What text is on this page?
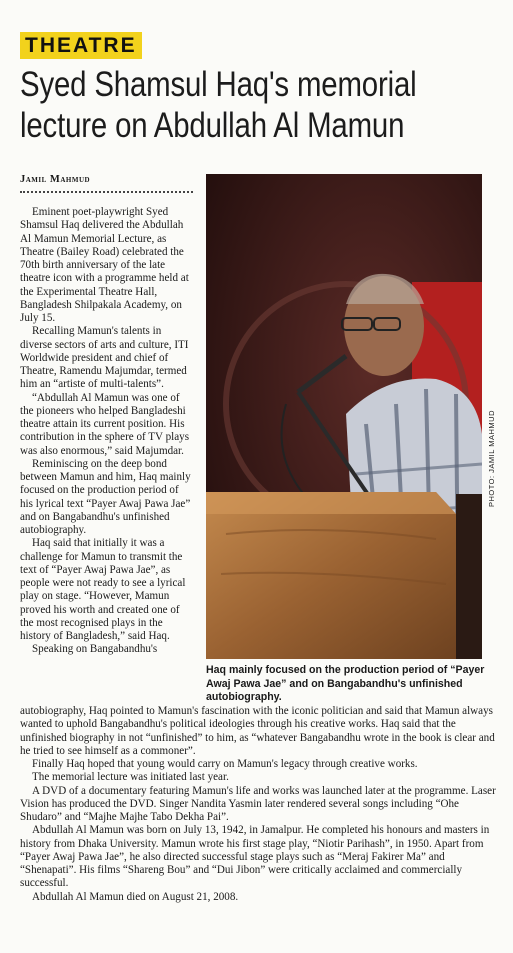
THEATRE
Syed Shamsul Haq's memorial
lecture on Abdullah Al Mamun
Jamil Mahmud

Eminent poet-playwright Syed Shamsul Haq delivered the Abdullah Al Mamun Memorial Lecture, as Theatre (Bailey Road) celebrated the 70th birth anniversary of the late theatre icon with a programme held at the Experimental Theatre Hall, Bangladesh Shilpakala Academy, on July 15.

Recalling Mamun's talents in diverse sectors of arts and culture, ITI Worldwide president and chief of Theatre, Ramendu Majumdar, termed him an “artiste of multi-talents”.

“Abdullah Al Mamun was one of the pioneers who helped Bangladeshi theatre attain its current position. His contribution in the sphere of TV plays was also enormous,” said Majumdar.

Reminiscing on the deep bond between Mamun and him, Haq mainly focused on the production period of his lyrical text “Payer Awaj Pawa Jae” and on Bangabandhu's unfinished autobiography.

Haq said that initially it was a challenge for Mamun to transmit the text of “Payer Awaj Pawa Jae”, as people were not ready to see a lyrical play on stage. “However, Mamun proved his worth and created one of the most recognised plays in the history of Bangladesh,” said Haq.

Speaking on Bangabandhu's

PHOTO: JAMIL MAHMUD
Haq mainly focused on the production period of “Payer Awaj Pawa Jae” and on Bangabandhu's unfinished autobiography.

autobiography, Haq pointed to Mamun's fascination with the iconic politician and said that Mamun always wanted to uphold Bangabandhu's political ideologies through his creative works. Haq said that the unfinished biography in not “unfinished” to him, as “whatever Bangabandhu wrote in the book is clear and he tried to see himself as a commoner”.

Finally Haq hoped that young would carry on Mamun's legacy through creative works.

The memorial lecture was initiated last year.

A DVD of a documentary featuring Mamun's life and works was launched later at the programme. Laser Vision has produced the DVD. Singer Nandita Yasmin later rendered several songs including “Ohe Shudaro” and “Majhe Majhe Tabo Dekha Pai”.

Abdullah Al Mamun was born on July 13, 1942, in Jamalpur. He completed his honours and masters in history from Dhaka University. Mamun wrote his first stage play, “Niotir Parihash”, in 1950. Apart from “Payer Awaj Pawa Jae”, he also directed successful stage plays such as “Meraj Fakirer Ma” and “Shenapati”. His films “Shareng Bou” and “Dui Jibon” were critically acclaimed and commercially successful.

Abdullah Al Mamun died on August 21, 2008.
